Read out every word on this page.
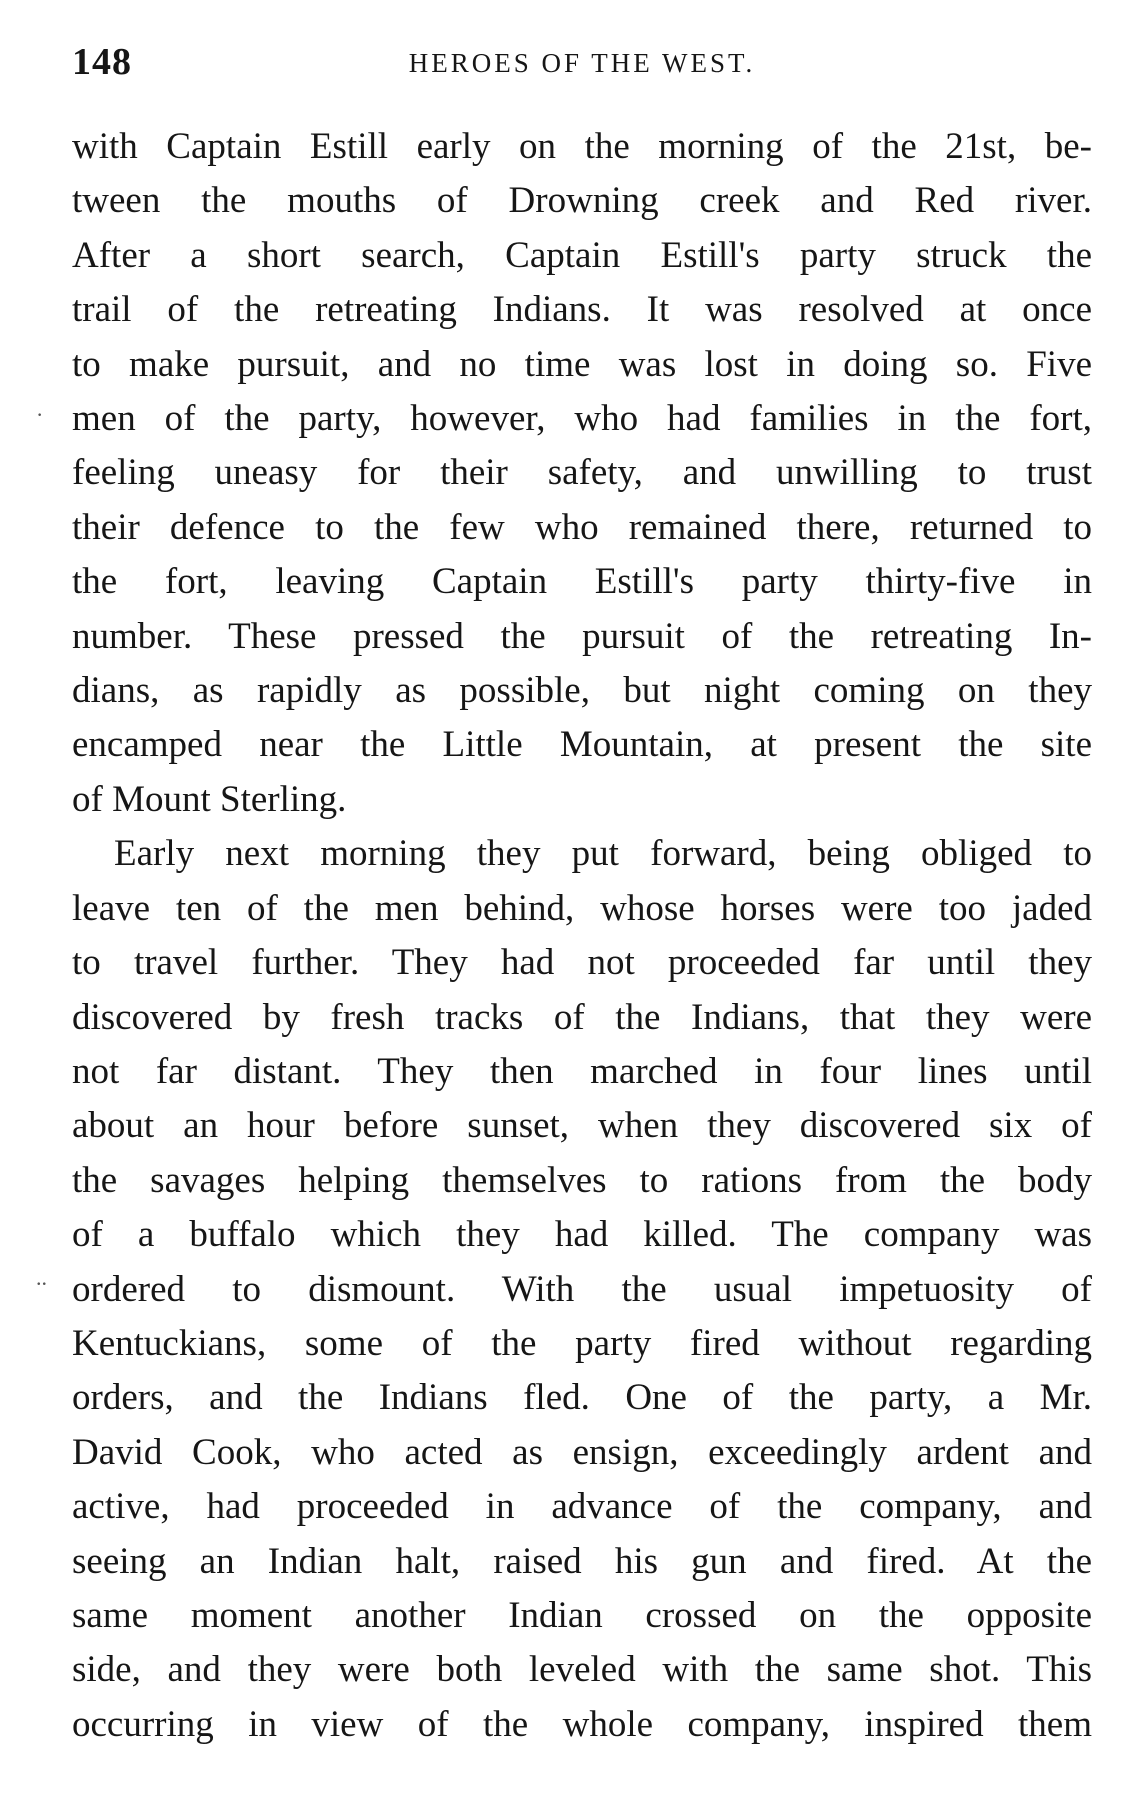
148	HEROES OF THE WEST.
·
..

with Captain Estill early on the morning of the 21st, be-
tween the mouths of Drowning creek and Red river.
After a short search, Captain Estill's party struck the
trail of the retreating Indians. It was resolved at once
to make pursuit, and no time was lost in doing so. Five
men of the party, however, who had families in the fort,
feeling uneasy for their safety, and unwilling to trust
their defence to the few who remained there, returned to
the fort, leaving Captain Estill's party thirty-five in
number. These pressed the pursuit of the retreating In-
dians, as rapidly as possible, but night coming on they
encamped near the Little Mountain, at present the site
of Mount Sterling.

Early next morning they put forward, being obliged to
leave ten of the men behind, whose horses were too jaded
to travel further. They had not proceeded far until they
discovered by fresh tracks of the Indians, that they were
not far distant. They then marched in four lines until
about an hour before sunset, when they discovered six of
the savages helping themselves to rations from the body
of a buffalo which they had killed. The company was
ordered to dismount. With the usual impetuosity of
Kentuckians, some of the party fired without regarding
orders, and the Indians fled. One of the party, a Mr.
David Cook, who acted as ensign, exceedingly ardent and
active, had proceeded in advance of the company, and
seeing an Indian halt, raised his gun and fired. At the
same moment another Indian crossed on the opposite
side, and they were both leveled with the same shot. This
occurring in view of the whole company, inspired them
